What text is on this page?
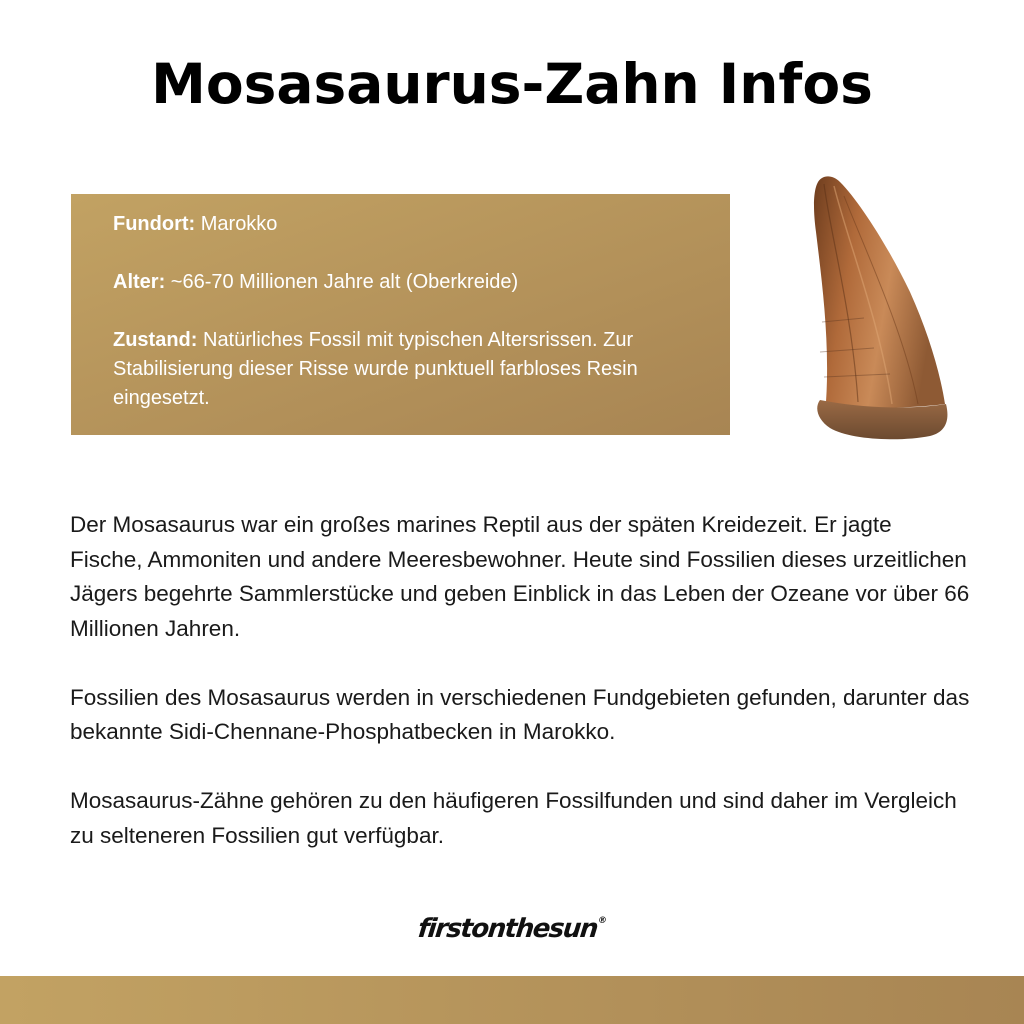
Mosasaurus-Zahn Infos
Fundort: Marokko
Alter: ~66-70 Millionen Jahre alt (Oberkreide)
Zustand: Natürliches Fossil mit typischen Altersrissen. Zur Stabilisierung dieser Risse wurde punktuell farbloses Resin eingesetzt.

Der Mosasaurus war ein großes marines Reptil aus der späten Kreidezeit. Er jagte Fische, Ammoniten und andere Meeresbewohner. Heute sind Fossilien dieses urzeitlichen Jägers begehrte Sammlerstücke und geben Einblick in das Leben der Ozeane vor über 66 Millionen Jahren.

Fossilien des Mosasaurus werden in verschiedenen Fundgebieten gefunden, darunter das bekannte Sidi-Chennane-Phosphatbecken in Marokko.

Mosasaurus-Zähne gehören zu den häufigeren Fossilfunden und sind daher im Vergleich zu selteneren Fossilien gut verfügbar.

firstonthesun®
